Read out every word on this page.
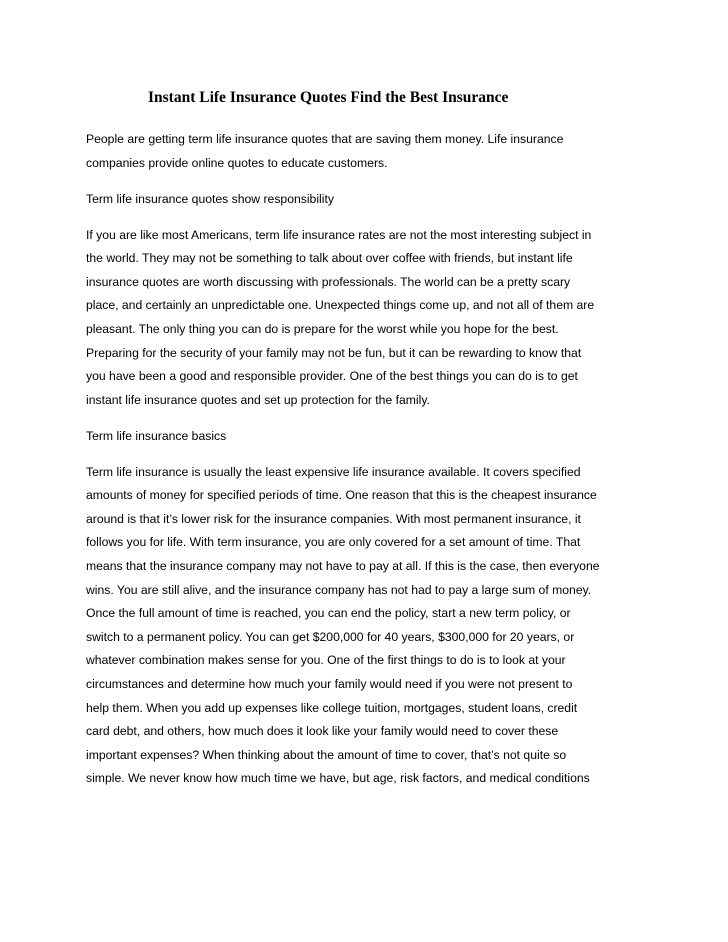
Instant Life Insurance Quotes Find the Best Insurance

People are getting term life insurance quotes that are saving them money. Life insurance
companies provide online quotes to educate customers.

Term life insurance quotes show responsibility

If you are like most Americans, term life insurance rates are not the most interesting subject in
the world. They may not be something to talk about over coffee with friends, but instant life
insurance quotes are worth discussing with professionals. The world can be a pretty scary
place, and certainly an unpredictable one. Unexpected things come up, and not all of them are
pleasant. The only thing you can do is prepare for the worst while you hope for the best.
Preparing for the security of your family may not be fun, but it can be rewarding to know that
you have been a good and responsible provider. One of the best things you can do is to get
instant life insurance quotes and set up protection for the family.

Term life insurance basics

Term life insurance is usually the least expensive life insurance available. It covers specified
amounts of money for specified periods of time. One reason that this is the cheapest insurance
around is that it’s lower risk for the insurance companies. With most permanent insurance, it
follows you for life. With term insurance, you are only covered for a set amount of time. That
means that the insurance company may not have to pay at all. If this is the case, then everyone
wins. You are still alive, and the insurance company has not had to pay a large sum of money.
Once the full amount of time is reached, you can end the policy, start a new term policy, or
switch to a permanent policy. You can get $200,000 for 40 years, $300,000 for 20 years, or
whatever combination makes sense for you. One of the first things to do is to look at your
circumstances and determine how much your family would need if you were not present to
help them. When you add up expenses like college tuition, mortgages, student loans, credit
card debt, and others, how much does it look like your family would need to cover these
important expenses? When thinking about the amount of time to cover, that’s not quite so
simple. We never know how much time we have, but age, risk factors, and medical conditions
